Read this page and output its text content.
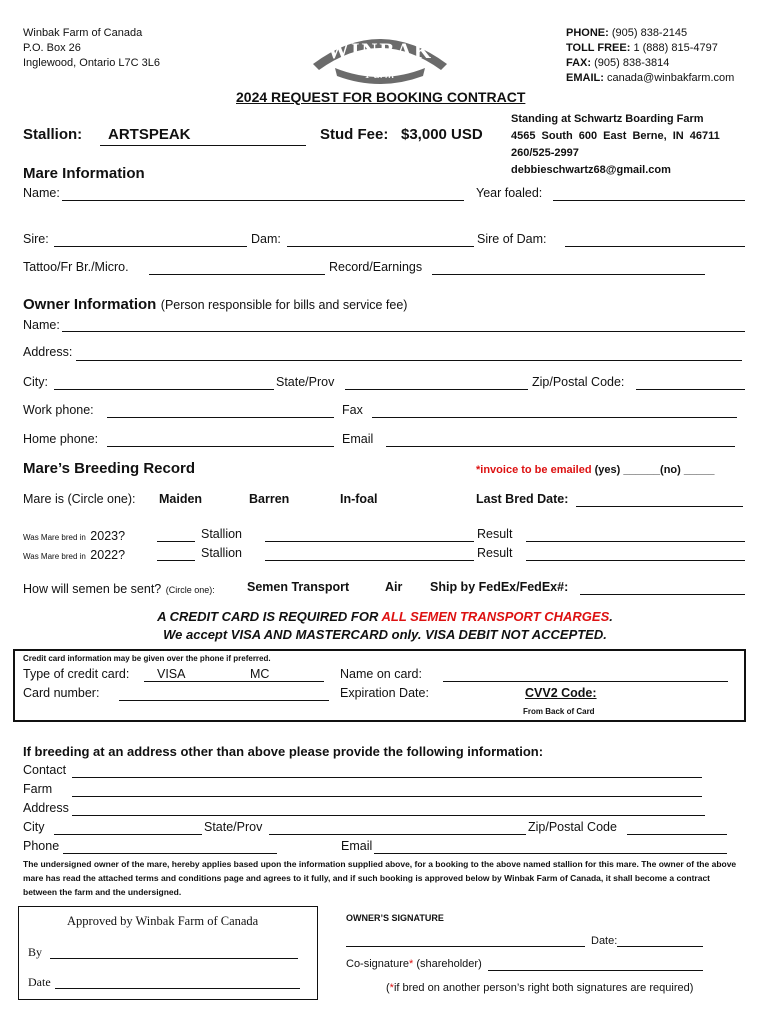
Winbak Farm of Canada
P.O. Box 26
Inglewood, Ontario L7C 3L6	WINBAK
Farm
PHONE: (905) 838-2145
TOLL FREE: 1 (888) 815-4797
FAX: (905) 838-3814
EMAIL: canada@winbakfarm.com
2024 REQUEST FOR BOOKING CONTRACT
Stallion: ARTSPEAK	Stud Fee: $3,000 USD
Standing at Schwartz Boarding Farm
4565 South 600 East Berne, IN 46711
260/525-2997
debbieschwartz68@gmail.com
Mare Information
Name:	Year foaled:
Sire:	Dam:	Sire of Dam:
Tattoo/Fr Br./Micro.	Record/Earnings
Owner Information (Person responsible for bills and service fee)
Name:
Address:
City:	State/Prov	Zip/Postal Code:
Work phone:	Fax
Home phone:	Email
Mare’s Breeding Record	*invoice to be emailed (yes) ______(no) _____
Mare is (Circle one): Maiden	Barren	In-foal	Last Bred Date:
Was Mare bred in 2023?	Stallion	Result
Was Mare bred in 2022?	Stallion	Result
How will semen be sent? (Circle one):	Semen Transport	Air Ship by FedEx/FedEx#:
A CREDIT CARD IS REQUIRED FOR ALL SEMEN TRANSPORT CHARGES.
We accept VISA AND MASTERCARD only. VISA DEBIT NOT ACCEPTED.
Credit card information may be given over the phone if preferred.
Type of credit card: VISA	MC
Card number:
Name on card:
Expiration Date:	CVV2 Code:
From Back of Card
If breeding at an address other than above please provide the following information:
Contact
Farm
Address
City	State/Prov	Zip/Postal Code
Phone	Email
The undersigned owner of the mare, hereby applies based upon the information supplied above, for a booking to the above named stallion for this mare. The owner of the above mare has read the attached terms and conditions page and agrees to it fully, and if such booking is approved below by Winbak Farm of Canada, it shall become a contract between the farm and the undersigned.
Approved by Winbak Farm of Canada
By
Date
OWNER’S SIGNATURE
Date:
Co-signature* (shareholder)
(*if bred on another person’s right both signatures are required)
